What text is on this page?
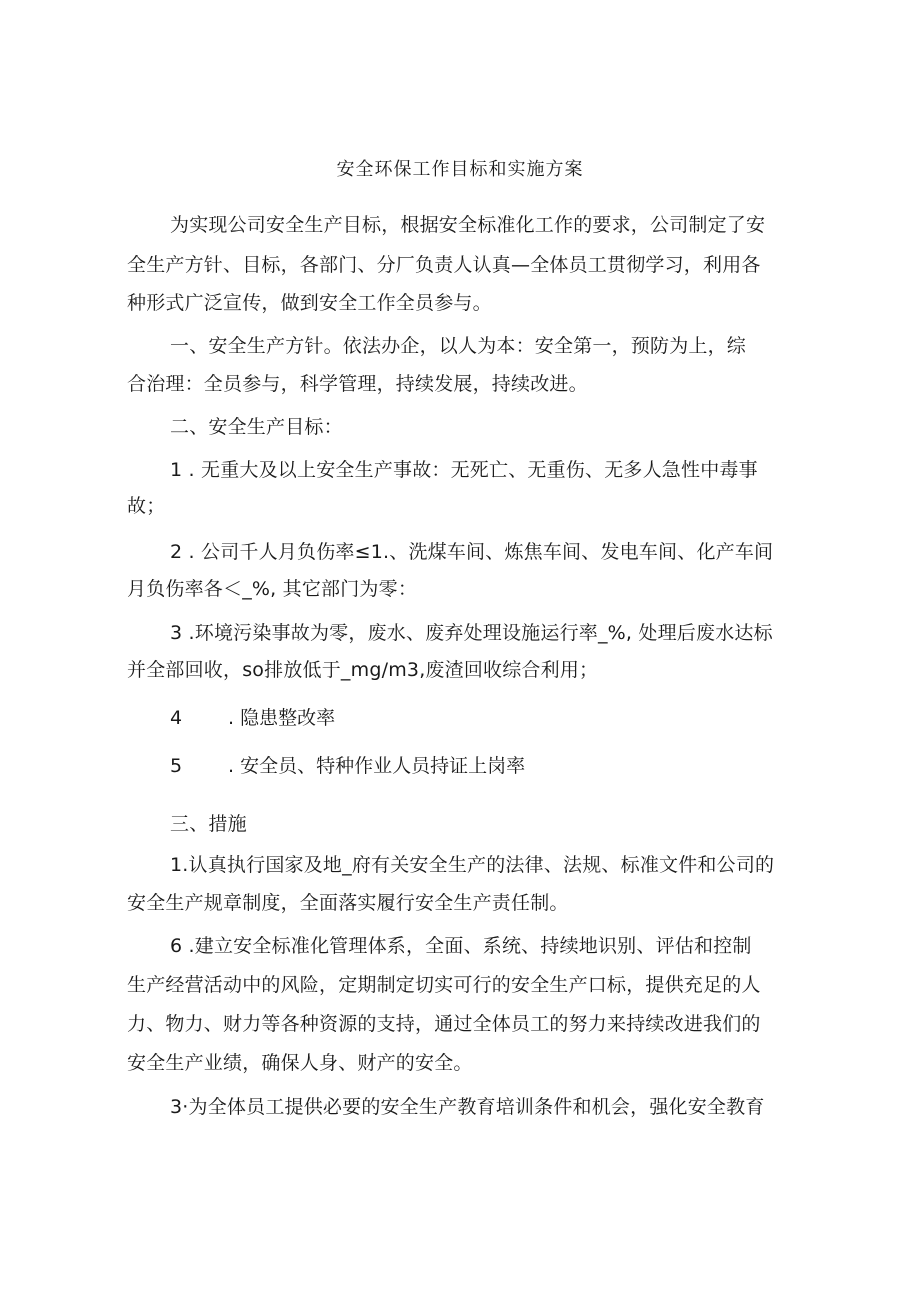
安全环保工作目标和实施方案
为实现公司安全生产目标，根据安全标准化工作的要求，公司制定了安
全生产方针、目标，各部门、分厂负责人认真—全体员工贯彻学习，利用各
种形式广泛宣传，做到安全工作全员参与。
一、安全生产方针。依法办企，以人为本：安全第一，预防为上，综
合治理：全员参与，科学管理，持续发展，持续改进。
二、安全生产目标：
1 . 无重大及以上安全生产事故：无死亡、无重伤、无多人急性中毒事
故；
2 . 公司千人月负伤率≤1.、洗煤车间、炼焦车间、发电车间、化产车间
月负伤率各＜_%, 其它部门为零：
3 .环境污染事故为零，废水、废弃处理设施运行率_%, 处理后废水达标
并全部回收，so排放低于_mg/m3,废渣回收综合利用；
4 . 隐患整改率
5 . 安全员、特种作业人员持证上岗率
三、措施
1.认真执行国家及地_府有关安全生产的法律、法规、标准文件和公司的
安全生产规章制度，全面落实履行安全生产责任制。
6 .建立安全标准化管理体系，全面、系统、持续地识别、评估和控制
生产经营活动中的风险，定期制定切实可行的安全生产口标，提供充足的人
力、物力、财力等各种资源的支持，通过全体员工的努力来持续改进我们的
安全生产业绩，确保人身、财产的安全。
3·为全体员工提供必要的安全生产教育培训条件和机会，强化安全教育
